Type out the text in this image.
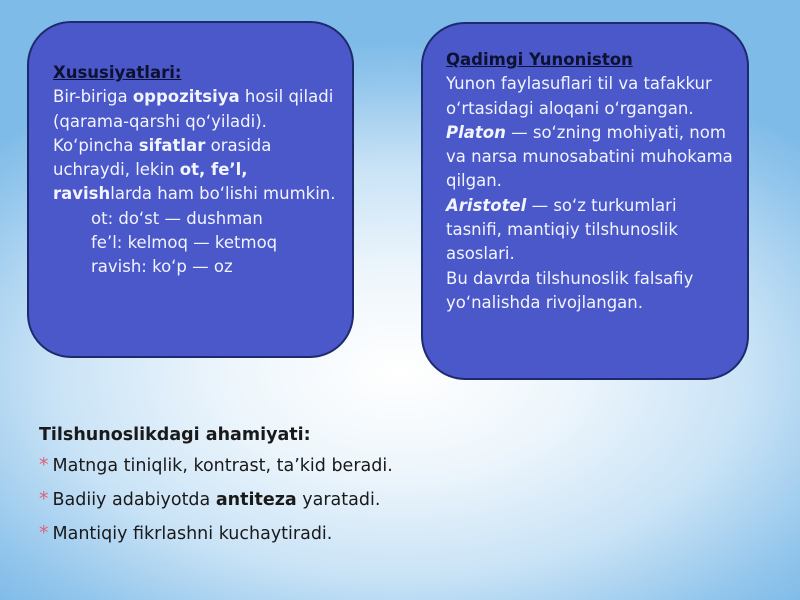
Xususiyatlari:
Bir-biriga oppozitsiya hosil qiladi (qarama-qarshi qo‘yiladi).
Ko‘pincha sifatlar orasida uchraydi, lekin ot, fe’l, ravishlarda ham bo‘lishi mumkin.
ot: do‘st — dushman
fe’l: kelmoq — ketmoq
ravish: ko‘p — oz
Qadimgi Yunoniston
Yunon faylasuflari til va tafakkur o‘rtasidagi aloqani o‘rgangan.
Platon — so‘zning mohiyati, nom va narsa munosabatini muhokama qilgan.
Aristotel — so‘z turkumlari tasnifi, mantiqiy tilshunoslik asoslari.
Bu davrda tilshunoslik falsafiy yo‘nalishda rivojlangan.
Tilshunoslikdagi ahamiyati:
* Matnga tiniqlik, kontrast, ta’kid beradi.
* Badiiy adabiyotda antiteza yaratadi.
* Mantiqiy fikrlashni kuchaytiradi.
